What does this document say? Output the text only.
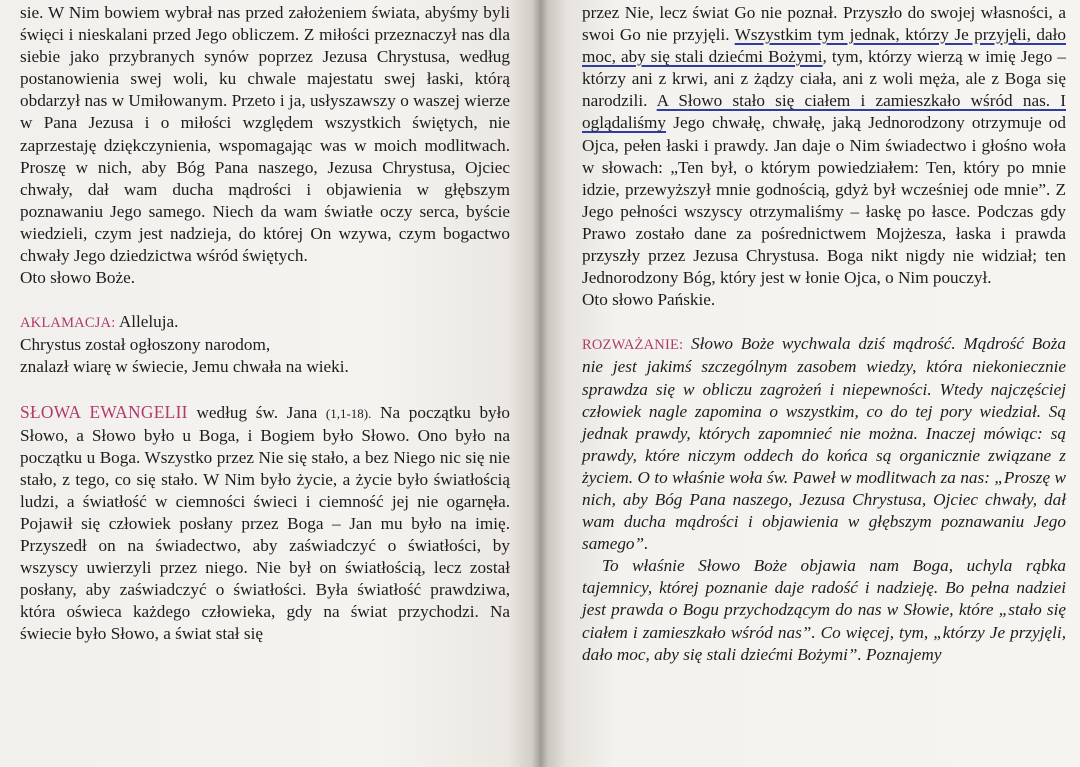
sie. W Nim bowiem wybrał nas przed założeniem świata, abyśmy byli święci i nieskalani przed Jego obliczem. Z miłości przeznaczył nas dla siebie jako przybranych synów poprzez Jezusa Chrystusa, według postanowienia swej woli, ku chwale majestatu swej łaski, którą obdarzył nas w Umiłowanym. Przeto i ja, usłyszawszy o waszej wierze w Pana Jezusa i o miłości względem wszystkich świętych, nie zaprzestaję dziękczynienia, wspomagając was w moich modlitwach. Proszę w nich, aby Bóg Pana naszego, Jezusa Chrystusa, Ojciec chwały, dał wam ducha mądrości i objawienia w głębszym poznawaniu Jego samego. Niech da wam światłe oczy serca, byście wiedzieli, czym jest nadzieja, do której On wzywa, czym bogactwo chwały Jego dziedzictwa wśród świętych.

Oto słowo Boże.

AKLAMACJA: Alleluja.

Chrystus został ogłoszony narodom,

znalazł wiarę w świecie, Jemu chwała na wieki.

SŁOWA EWANGELII według św. Jana (1,1-18). Na początku było Słowo, a Słowo było u Boga, i Bogiem było Słowo. Ono było na początku u Boga. Wszystko przez Nie się stało, a bez Niego nic się nie stało, z tego, co się stało. W Nim było życie, a życie było światłością ludzi, a światłość w ciemności świeci i ciemność jej nie ogarnęła. Pojawił się człowiek posłany przez Boga – Jan mu było na imię. Przyszedł on na świadectwo, aby zaświadczyć o światłości, by wszyscy uwierzyli przez niego. Nie był on światłością, lecz został posłany, aby zaświadczyć o światłości. Była światłość prawdziwa, która oświeca każdego człowieka, gdy na świat przychodzi. Na świecie było Słowo, a świat stał się

przez Nie, lecz świat Go nie poznał. Przyszło do swojej własności, a swoi Go nie przyjęli. Wszystkim tym jednak, którzy Je przyjęli, dało moc, aby się stali dziećmi Bożymi, tym, którzy wierzą w imię Jego – którzy ani z krwi, ani z żądzy ciała, ani z woli męża, ale z Boga się narodzili. A Słowo stało się ciałem i zamieszkało wśród nas. I oglądaliśmy Jego chwałę, chwałę, jaką Jednorodzony otrzymuje od Ojca, pełen łaski i prawdy. Jan daje o Nim świadectwo i głośno woła w słowach: „Ten był, o którym powiedziałem: Ten, który po mnie idzie, przewyższył mnie godnością, gdyż był wcześniej ode mnie”. Z Jego pełności wszyscy otrzymaliśmy – łaskę po łasce. Podczas gdy Prawo zostało dane za pośrednictwem Mojżesza, łaska i prawda przyszły przez Jezusa Chrystusa. Boga nikt nigdy nie widział; ten Jednorodzony Bóg, który jest w łonie Ojca, o Nim pouczył.

Oto słowo Pańskie.

ROZWAŻANIE: Słowo Boże wychwala dziś mądrość. Mądrość Boża nie jest jakimś szczególnym zasobem wiedzy, która niekoniecznie sprawdza się w obliczu zagrożeń i niepewności. Wtedy najczęściej człowiek nagle zapomina o wszystkim, co do tej pory wiedział. Są jednak prawdy, których zapomnieć nie można. Inaczej mówiąc: są prawdy, które niczym oddech do końca są organicznie związane z życiem. O to właśnie woła św. Paweł w modlitwach za nas: „Proszę w nich, aby Bóg Pana naszego, Jezusa Chrystusa, Ojciec chwały, dał wam ducha mądrości i objawienia w głębszym poznawaniu Jego samego”.

To właśnie Słowo Boże objawia nam Boga, uchyla rąbka tajemnicy, której poznanie daje radość i nadzieję. Bo pełna nadziei jest prawda o Bogu przychodzącym do nas w Słowie, które „stało się ciałem i zamieszkało wśród nas”. Co więcej, tym, „którzy Je przyjęli, dało moc, aby się stali dziećmi Bożymi”. Poznajemy
